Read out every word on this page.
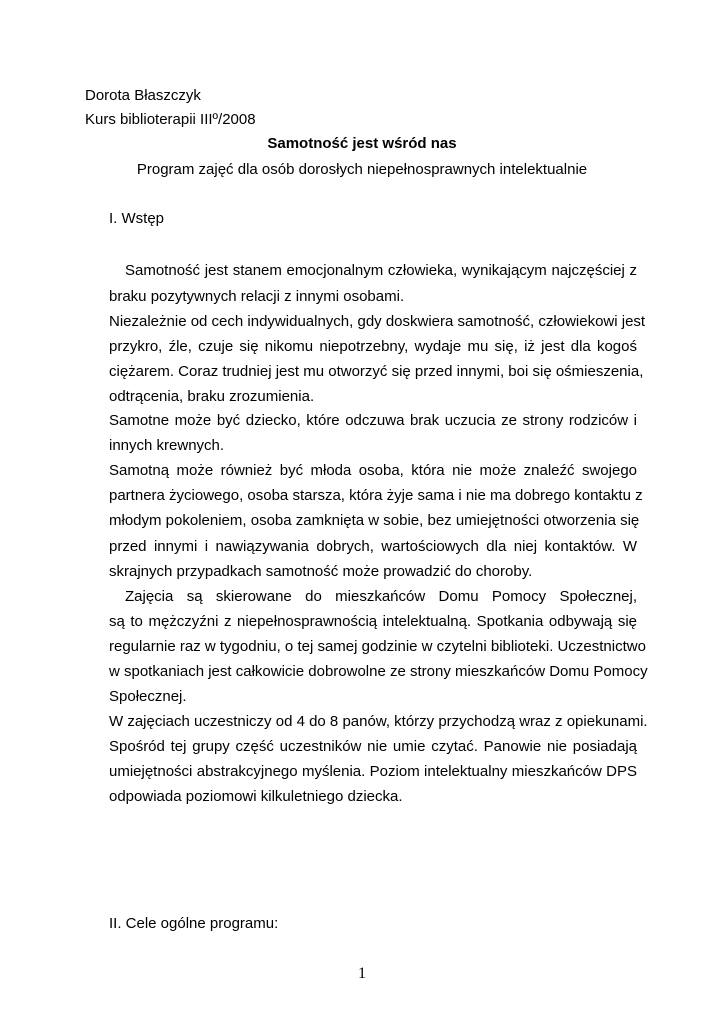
Dorota Błaszczyk
Kurs biblioterapii IIIº/2008
Samotność jest wśród nas
Program zajęć dla osób dorosłych niepełnosprawnych intelektualnie
I. Wstęp
Samotność jest stanem emocjonalnym człowieka, wynikającym najczęściej z
braku pozytywnych relacji z innymi osobami.
Niezależnie od cech indywidualnych, gdy doskwiera samotność, człowiekowi jest
przykro, źle, czuje się nikomu niepotrzebny, wydaje mu się, iż jest dla kogoś
ciężarem. Coraz trudniej jest mu otworzyć się przed innymi, boi się ośmieszenia,
odtrącenia, braku zrozumienia.
Samotne może być dziecko, które odczuwa brak uczucia ze strony rodziców i
innych krewnych.
Samotną może również być młoda osoba, która nie może znaleźć swojego
partnera życiowego, osoba starsza, która żyje sama i nie ma dobrego kontaktu z
młodym pokoleniem, osoba zamknięta w sobie, bez umiejętności otworzenia się
przed innymi i nawiązywania dobrych, wartościowych dla niej kontaktów. W
skrajnych przypadkach samotność może prowadzić do choroby.
Zajęcia są skierowane do mieszkańców Domu Pomocy Społecznej,
są to mężczyźni z niepełnosprawnością intelektualną. Spotkania odbywają się
regularnie raz w tygodniu, o tej samej godzinie w czytelni biblioteki. Uczestnictwo
w spotkaniach jest całkowicie dobrowolne ze strony mieszkańców Domu Pomocy
Społecznej.
W zajęciach uczestniczy od 4 do 8 panów, którzy przychodzą wraz z opiekunami.
Spośród tej grupy część uczestników nie umie czytać. Panowie nie posiadają
umiejętności abstrakcyjnego myślenia. Poziom intelektualny mieszkańców DPS
odpowiada poziomowi kilkuletniego dziecka.
II. Cele ogólne programu:
1
